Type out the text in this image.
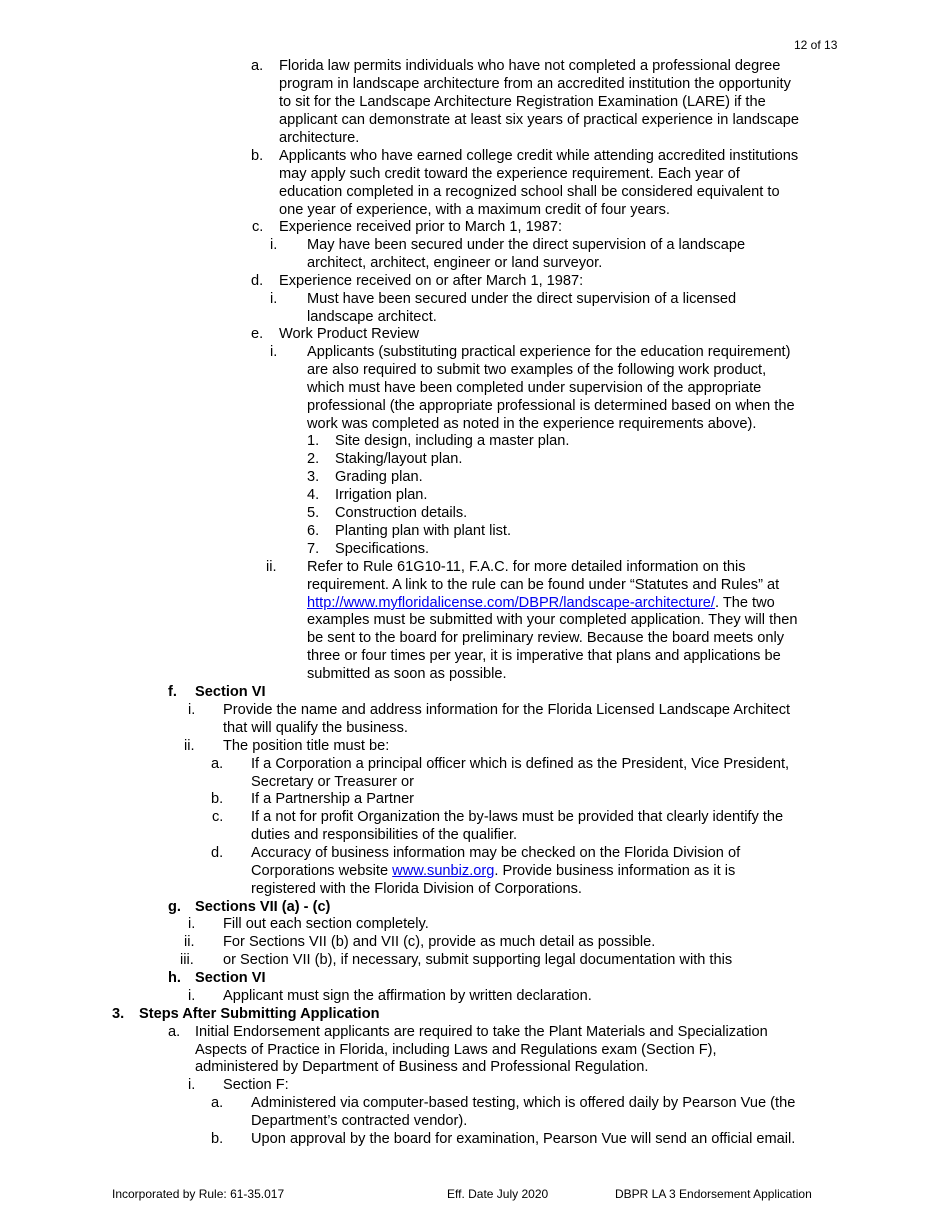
12 of 13
a. Florida law permits individuals who have not completed a professional degree
program in landscape architecture from an accredited institution the opportunity
to sit for the Landscape Architecture Registration Examination (LARE) if the
applicant can demonstrate at least six years of practical experience in landscape
architecture.
b. Applicants who have earned college credit while attending accredited institutions
may apply such credit toward the experience requirement. Each year of
education completed in a recognized school shall be considered equivalent to
one year of experience, with a maximum credit of four years.
c. Experience received prior to March 1, 1987:
i. May have been secured under the direct supervision of a landscape
architect, architect, engineer or land surveyor.
d. Experience received on or after March 1, 1987:
i. Must have been secured under the direct supervision of a licensed
landscape architect.
e. Work Product Review
i. Applicants (substituting practical experience for the education requirement)
are also required to submit two examples of the following work product,
which must have been completed under supervision of the appropriate
professional (the appropriate professional is determined based on when the
work was completed as noted in the experience requirements above).
1. Site design, including a master plan.
2. Staking/layout plan.
3. Grading plan.
4. Irrigation plan.
5. Construction details.
6. Planting plan with plant list.
7. Specifications.
ii. Refer to Rule 61G10-11, F.A.C. for more detailed information on this
requirement. A link to the rule can be found under “Statutes and Rules” at
http://www.myfloridalicense.com/DBPR/landscape-architecture/. The two
examples must be submitted with your completed application. They will then
be sent to the board for preliminary review. Because the board meets only
three or four times per year, it is imperative that plans and applications be
submitted as soon as possible.
f. Section VI
i. Provide the name and address information for the Florida Licensed Landscape Architect
that will qualify the business.
ii. The position title must be:
a. If a Corporation a principal officer which is defined as the President, Vice President,
Secretary or Treasurer or
b. If a Partnership a Partner
c. If a not for profit Organization the by-laws must be provided that clearly identify the
duties and responsibilities of the qualifier.
d. Accuracy of business information may be checked on the Florida Division of
Corporations website www.sunbiz.org. Provide business information as it is
registered with the Florida Division of Corporations.
g. Sections VII (a) - (c)
i. Fill out each section completely.
ii. For Sections VII (b) and VII (c), provide as much detail as possible.
iii. or Section VII (b), if necessary, submit supporting legal documentation with this
h. Section VI
i. Applicant must sign the affirmation by written declaration.
3. Steps After Submitting Application
a. Initial Endorsement applicants are required to take the Plant Materials and Specialization
Aspects of Practice in Florida, including Laws and Regulations exam (Section F),
administered by Department of Business and Professional Regulation.
i. Section F:
a. Administered via computer-based testing, which is offered daily by Pearson Vue (the
Department’s contracted vendor).
b. Upon approval by the board for examination, Pearson Vue will send an official email.
Incorporated by Rule: 61-35.017	Eff. Date July 2020	DBPR LA 3 Endorsement Application
